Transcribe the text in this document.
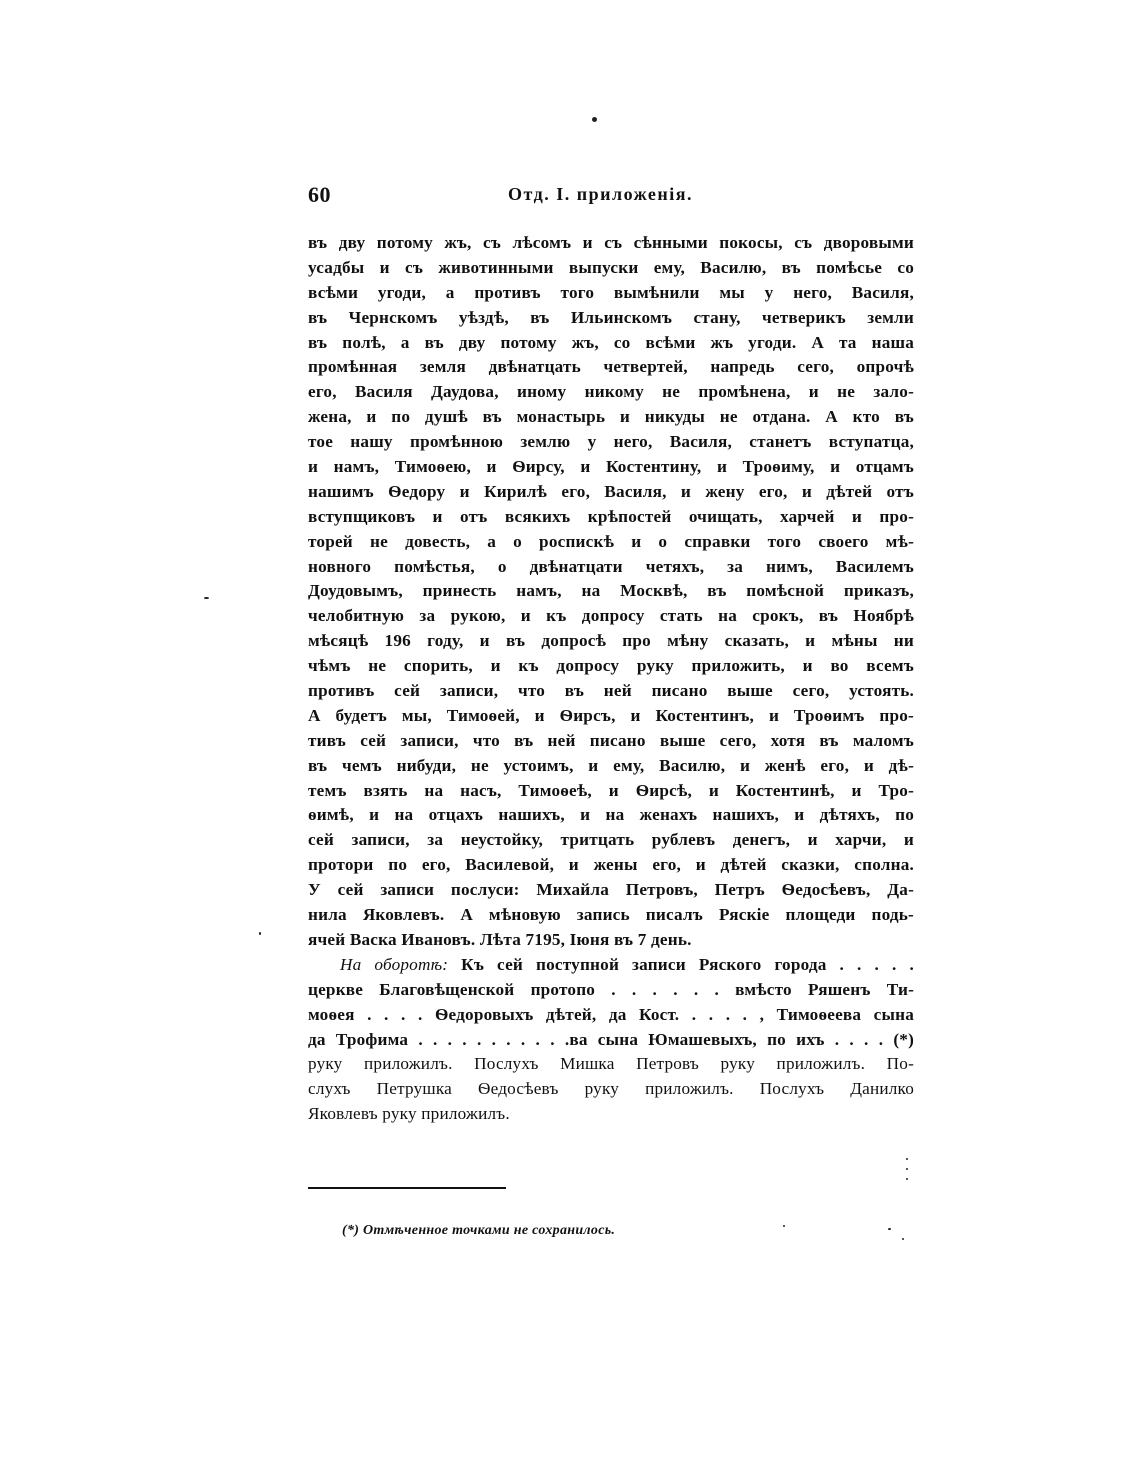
60	Отд. I. приложенія.
въ дву потому жъ, съ лѣсомъ и съ сѣнными покосы, съ дворовыми
усадбы и съ животинными выпуски ему, Василю, въ помѣсье со
всѣми угоди, а противъ того вымѣнили мы у него, Василя,
въ Чернскомъ уѣздѣ, въ Ильинскомъ стану, четверикъ земли
въ полѣ, а въ дву потому жъ, со всѣми жъ угоди. А та наша
промѣнная земля двѣнатцать четвертей, напредь сего, опрочѣ
его, Василя Даудова, иному никому не промѣнена, и не зало-
жена, и по душѣ въ монастырь и никуды не отдана. А кто въ
тое нашу промѣнною землю у него, Василя, станетъ вступатца,
и намъ, Тимоѳею, и Ѳирсу, и Костентину, и Троѳиму, и отцамъ
нашимъ Ѳедору и Кирилѣ его, Василя, и жену его, и дѣтей отъ
вступщиковъ и отъ всякихъ крѣпостей очищать, харчей и про-
торей не довесть, а о роспискѣ и о справки того своего мѣ-
новного помѣстья, о двѣнатцати четяхъ, за нимъ, Василемъ
Доудовымъ, принесть намъ, на Москвѣ, въ помѣсной приказъ,
челобитную за рукою, и къ допросу стать на срокъ, въ Ноябрѣ
мѣсяцѣ 196 году, и въ допросѣ про мѣну сказать, и мѣны ни
чѣмъ не спорить, и къ допросу руку приложить, и во всемъ
противъ сей записи, что въ ней писано выше сего, устоять.
А будетъ мы, Тимоѳей, и Ѳирсъ, и Костентинъ, и Троѳимъ про-
тивъ сей записи, что въ ней писано выше сего, хотя въ маломъ
въ чемъ нибуди, не устоимъ, и ему, Василю, и женѣ его, и дѣ-
темъ взять на насъ, Тимоѳеѣ, и Ѳирсѣ, и Костентинѣ, и Тро-
ѳимѣ, и на отцахъ нашихъ, и на женахъ нашихъ, и дѣтяхъ, по
сей записи, за неустойку, тритцать рублевъ денегъ, и харчи, и
протори по его, Василевой, и жены его, и дѣтей сказки, сполна.
У сей записи послуси: Михайла Петровъ, Петръ Ѳедосѣевъ, Да-
нила Яковлевъ. А мѣновую запись писалъ Ряскіе площеди подь-
ячей Васка Ивановъ. Лѣта 7195, Іюня въ 7 день.
На оборотѣ: Къ сей поступной записи Ряского города . . . . .
церкве Благовѣщенской протопо . . . . . . вмѣсто Ряшенъ Ти-
моѳея . . . . Ѳедоровыхъ дѣтей, да Кост. . . . . , Тимоѳеева сына
да Трофима . . . . . . . . . . .ва сына Юмашевыхъ, по ихъ . . . . (*)
руку приложилъ. Послухъ Мишка Петровъ руку приложилъ. По-
слухъ Петрушка Ѳедосѣевъ руку приложилъ. Послухъ Данилко
Яковлевъ руку приложилъ.
(*) Отмѣченное точками не сохранилось.
